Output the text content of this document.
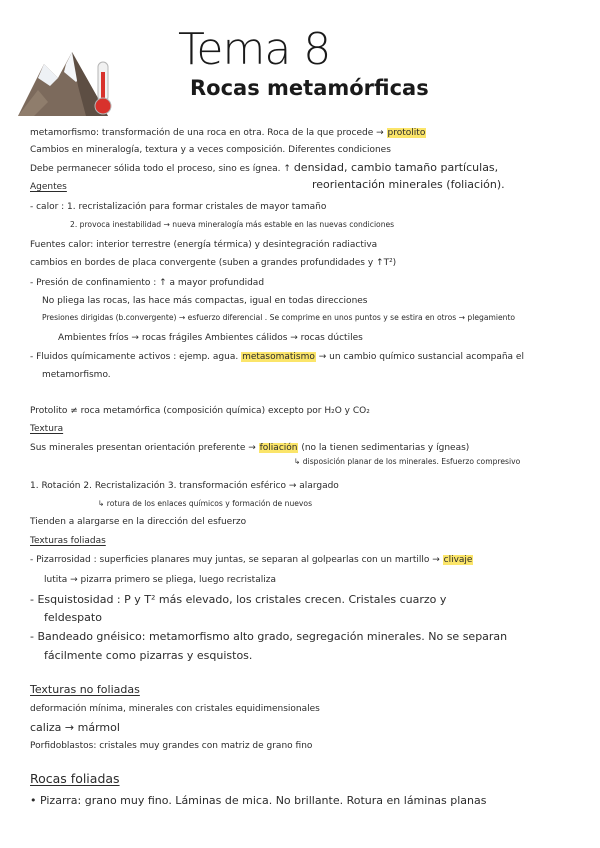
Tema 8
Rocas metamórficas

metamorfismo: transformación de una roca en otra. Roca de la que procede → protolito

Cambios en mineralogía, textura y a veces composición. Diferentes condiciones

Debe permanecer sólida todo el proceso, sino es ígnea. ↑ densidad, cambio tamaño partículas,

Agentes	reorientación minerales (foliación).

- calor : 1. recristalización para formar cristales de mayor tamaño

2. provoca inestabilidad → nueva mineralogía más estable en las nuevas condiciones

Fuentes calor: interior terrestre (energía térmica) y desintegración radiactiva

cambios en bordes de placa convergente (suben a grandes profundidades y ↑T²)

- Presión de confinamiento : ↑ a mayor profundidad

No pliega las rocas, las hace más compactas, igual en todas direcciones

Presiones dirigidas (b.convergente) → esfuerzo diferencial . Se comprime en unos puntos y se estira en otros → plegamiento

Ambientes fríos → rocas frágiles Ambientes cálidos → rocas dúctiles

- Fluidos químicamente activos : ejemp. agua. metasomatismo → un cambio químico sustancial acompaña el

metamorfismo.

Protolito ≠ roca metamórfica (composición química) excepto por H₂O y CO₂

Textura

Sus minerales presentan orientación preferente → foliación (no la tienen sedimentarias y ígneas)

↳ disposición planar de los minerales. Esfuerzo compresivo

1. Rotación 2. Recristalización 3. transformación esférico → alargado

↳ rotura de los enlaces químicos y formación de nuevos

Tienden a alargarse en la dirección del esfuerzo

Texturas foliadas

- Pizarrosidad : superficies planares muy juntas, se separan al golpearlas con un martillo → clivaje

lutita → pizarra primero se pliega, luego recristaliza

- Esquistosidad : P y T² más elevado, los cristales crecen. Cristales cuarzo y

feldespato

- Bandeado gnéisico: metamorfismo alto grado, segregación minerales. No se separan

fácilmente como pizarras y esquistos.

Texturas no foliadas

deformación mínima, minerales con cristales equidimensionales

caliza → mármol

Porfidoblastos: cristales muy grandes con matriz de grano fino

Rocas foliadas

• Pizarra: grano muy fino. Láminas de mica. No brillante. Rotura en láminas planas
